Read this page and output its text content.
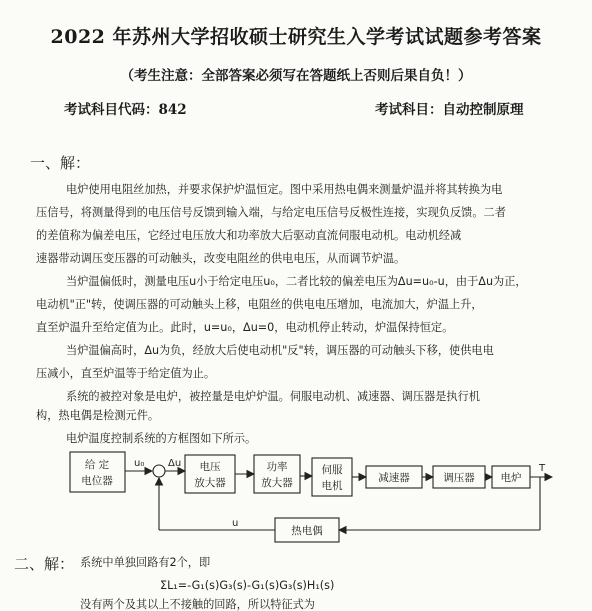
2022 年苏州大学招收硕士研究生入学考试试题参考答案
（考生注意：全部答案必须写在答题纸上否则后果自负！）
考试科目代码：842	考试科目：自动控制原理
一、解：
电炉使用电阻丝加热，并要求保护炉温恒定。图中采用热电偶来测量炉温并将其转换为电
压信号，将测量得到的电压信号反馈到输入端，与给定电压信号反极性连接，实现负反馈。二者
的差值称为偏差电压，它经过电压放大和功率放大后驱动直流伺服电动机。电动机经减
速器带动调压变压器的可动触头，改变电阻丝的供电电压，从而调节炉温。
当炉温偏低时，测量电压u小于给定电压u₀，二者比较的偏差电压为Δu=u₀-u，由于Δu为正，
电动机"正"转，使调压器的可动触头上移，电阻丝的供电电压增加，电流加大，炉温上升，
直至炉温升至给定值为止。此时，u=u₀，Δu=0，电动机停止转动，炉温保持恒定。
当炉温偏高时，Δu为负，经放大后使电动机"反"转，调压器的可动触头下移，使供电电
压减小，直至炉温等于给定值为止。
系统的被控对象是电炉，被控量是电炉炉温。伺服电动机、减速器、调压器是执行机
构，热电偶是检测元件。
电炉温度控制系统的方框图如下所示。
给 定
电位器
电压
放大器
功率
放大器
伺服
电机
减速器	调压器 电炉
热电偶
u₀ Δu	T
u
二、解： 系统中单独回路有2个，即
ΣL₁=-G₁(s)G₃(s)-G₁(s)G₃(s)H₁(s)
没有两个及其以上不接触的回路，所以特征式为
